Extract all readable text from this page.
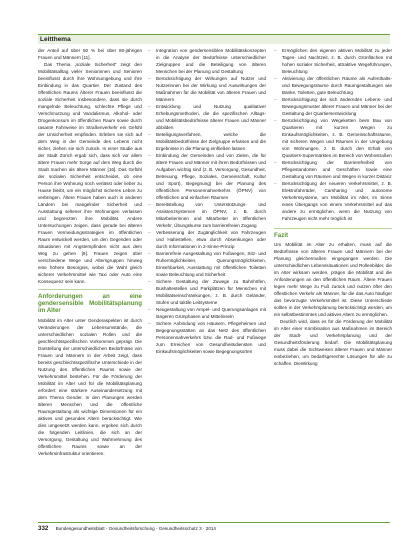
Leitthema

der Anteil auf über 50 % bei über 80-jährigen Frauen und Männern [11].

Das Thema „soziale Sicherheit“ zeigt den Mobilitätsalltag vieler Seniorinnen und Senioren beeinflusst durch ihre Wohnumgebung und ihre Einbindung in das Quartier. Der Zustand des öffentlichen Raums Älterer Frauen beeinflusst die soziale Sicherheit insbesondere, dass sie durch mangelnde Beleuchtung, schlechte Pflege und Verschmutzung und Vandalismus, Alkohol- oder Drogenkonsum im öffentlichen Raum sowie durch rasante Fahrweise im Straßenverkehr ein Gefühl der Unsicherheit empfinden. Erleben sie sich auf dem Weg in der Gemeinde des Lebens nicht sicher, ziehen sie sich zurück. In einer Studie aus der Stadt Zürich ergab sich, dass sich vor allem ältere Frauen mehr Sorge auf dem Weg durch die Stadt machen als ältere Männer [16]. Das Gefühl der sozialen Sicherheit entscheidet, ob eine Person ihre Wohnung noch verlässt oder lieber zu Hause bleibt, um ein möglichst sicheres Leben zu verbringen. Ältere Frauen haben auch in anderen Ländern bei mangelnder Sicherheit und Ausstattung seltener ihre Wohnungen verlassen und begrenzten ihre Mobilität. Andere Untersuchungen zeigen, dass gerade bei älteren Frauen Vermeidungsstrategien im öffentlichen Raum entwickelt werden, um den Gegenden oder Situationen mit Angstempfinden nicht aus dem Weg zu gehen [9]. Frauen zeigen über verschiedene Wege und Altersgruppen hinweg eine höhere Besorgnis, wobei die Wahl gleich sicherer Verkehrsmittel wie Taxi oder Auto eine Konsequenz sein kann.

Anforderungen an eine gendersensible Mobilitätsplanung im Alter

Mobilität im Alter unter Genderaspekten ist durch Veränderungen der Lebensumstände, die unterschiedlichen sozialen Rollen und die geschlechtsspezifischen Vorkommen geprägt. Die Darstellung der unterschiedlichen Bedürfnisse von Frauen und Männern in der Arbeit zeigt, dass bereits geschlechtsspezifische Unterschiede in der Nutzung des öffentlichen Raums sowie der Verkehrsmittel bestehen. Für die Förderung der Mobilität im Alter und für die Mobilitätsplanung erfordert eine stärkere Auseinandersetzung mit dem Thema Gender. In den Planungen werden älteren Menschen und die öffentliche Raumgestaltung als wichtige Dimensionen für ein aktives und gesundes Altern berücksichtigt. Wie dies umgesetzt werden kann, ergeben sich durch die folgenden Leitlinien, die sich an der Versorgung, Gestaltung und Wahrnehmung des öffentlichen Raums sowie an der Verkehrsinfrastruktur orientieren.

– Integration von gendersensiblen Mobilitätskonzepten in die Analyse der Bedürfnisse unterschiedlicher Zielgruppen und die Beteiligung von älteren Menschen bei der Planung und Gestaltung
– Berücksichtigung der Wirkungen auf Nutzer und Nutzerinnen bei der Wirkung und Auswirkungen der Maßnahmen für die Mobilität von älteren Frauen und Männern
– Entwicklung und Nutzung qualitativer Erhebungsmethoden, die die spezifischen Alltags- und Mobilitätsbedürfnisse älterer Frauen und Männer abbilden
– Beteiligungsverfahren, welche die Mobilitätsbedürfnisse der Zielgruppe erfassen und die Ergebnisse in die Planung einfließen lassen
– Einbindung der Gemeinden und von Zielen, die für ältere Frauen und Männer mit ihren Bedürfnissen und Aufgaben wichtig sind (z. B. Versorgung, Gesundheit, Betreuung, Pflege, Soziales, Gemeinschaft, Kultur und Sport), Begegnung) bei der Planung des öffentlichen Personennahverkehrs (ÖPNV) von öffentlichen und einfachen Räumen
– Bereitstellung von Unterstützungs- und Assistenzsystemen im ÖPNV, z. B. durch Mitarbeiterinnen und Mitarbeiter im öffentlichen Verkehr, Übungskurse zum barrierefreien Zugang
– Verbesserung der Zugänglichkeit von Fahrzeugen und Haltestellen, etwa durch Absenkungen oder durch Informationen in 2-Sinne-Prinzip
– Barrierefreie Ausgestaltung von Fußwegen, Sitz- und Ruhemöglichkeiten, Querungsmöglichkeiten, Einsehbarkeit, Ausstattung mit öffentlichen Toiletten sowie Beleuchtung und Sicherheit
– Sichere Gestaltung der Zuwege zu Bahnhöfen, Bushaltestellen und Parkplätzen für Menschen mit Mobilitätseinschränkungen, z. B. durch Geländer, Stufen und taktile Leitsysteme
– Neugestaltung von Ampel- und Querungsanlagen mit längeren Grünphasen und Mittelinseln
– Sichere Anbindung von Häusern, Pflegeheimen und Begegnungsstätten an das Netz des öffentlichen Personennahverkehrs bzw. die Rad- und Fußwege zum Erreichen von Gesundheitsdiensten und Einkaufsmöglichkeiten sowie Begegnungsorten
– Ermöglichen des eigenen aktiven Mobilität zu jeder Tages- und Nachtzeit, z. B. durch Grünflächen mit hohen sozialer Sicherheit, attraktive Wegeführungen, Beleuchtung
– Aktivierung der öffentlichen Räume als Aufenthalts- und Bewegungsräume durch Raumgestaltungen wie Bänke, Toiletten, gute Beleuchtung
– Berücksichtigung der sich ändernden Lebens- und Bewegungsmuster älterer Frauen und Männer bei der Gestaltung der Quartiersentwicklung
– Berücksichtigung von Wegeketten beim Bau von Quartieren mit kurzen Wegen zu Einkaufsmöglichkeiten, z. B. Gemeinschaftsräume, mit sicheren Wegen und Räumen in der Umgebung von Wohnungen, z. B. durch den Erhalt von Quartiers-Supermärkten im Bereich von Wohnstraßen
– Berücksichtigung der Barrierefreiheit von Pflegestandorten und Geschäften sowie eine Gestaltung von Räumen und Wegen in kurzer Distanz
– Berücksichtigung der neueren Verkehrsmittel, z. B. Elektrofahrräder, Carsharing und autonome Verkehrssysteme, um Mobilität im Alter, im Sinne eines Übergangs von einem Verkehrsmittel auf das andere zu ermöglichen, wenn die Nutzung von Fahrzeugen nicht mehr möglich ist
Fazit

Um Mobilität im Alter zu erhalten, muss auf die Bedürfnisse von älteren Frauen und Männern bei der Planung gleichermaßen eingegangen werden. Die unterschiedlichen Lebenssituationen und Rollenbilder, die im Alter wirksam werden, prägen die Mobilität und die Anforderungen an den öffentlichen Raum. Ältere Frauen legen mehr Wege zu Fuß zurück und nutzen öfter den öffentlichen Verkehr als Männer, für die das Auto häufiger das bevorzugte Verkehrsmittel ist. Diese Unterschiede sollten in der Verkehrsplanung berücksichtigt werden, um ein selbstbestimmtes und aktives Altern zu ermöglichen.

Deutlich wird, dass es für die Förderung der Mobilität im Alter einer Kombination aus Maßnahmen im Bereich der Stadt- und Verkehrsplanung und der Gesundheitsförderung bedarf. Die Mobilitätsplanung muss dabei die Sichtweisen älterer Frauen und Männer einbeziehen, um bedarfsgerechte Lösungen für alle zu schaffen. DieWirkung

332 Bundesgesundheitsblatt - Gesundheitsforschung - Gesundheitsschutz 3 · 2014
